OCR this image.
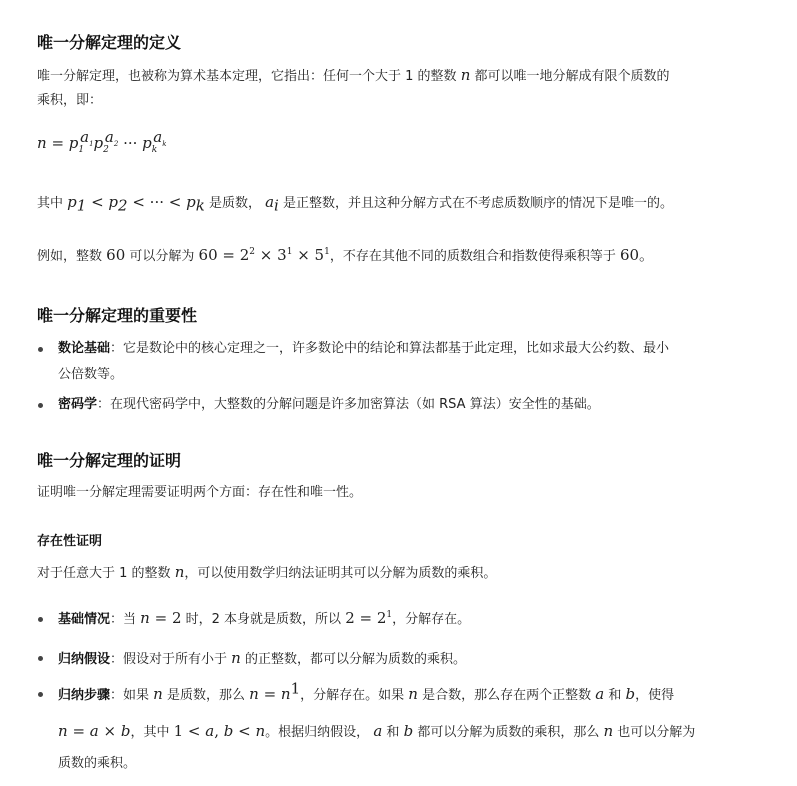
唯一分解定理的定义
唯一分解定理，也被称为算术基本定理，它指出：任何一个大于 1 的整数 n 都可以唯一地分解成有限个质数的
乘积，即：
$n = p_1^{a_1}p_2^{a_2}$ ··· $p_k^{a_k}$
其中 $p_1 < p_2$ < ··· < $p_k$ 是质数， $a_i$ 是正整数，并且这种分解方式在不考虑质数顺序的情况下是唯一的。
例如，整数 60 可以分解为 $60 = 2^2 \times 3^1 \times 5^1$，不存在其他不同的质数组合和指数使得乘积等于 60。
唯一分解定理的重要性
数论基础：它是数论中的核心定理之一，许多数论中的结论和算法都基于此定理，比如求最大公约数、最小
公倍数等。
密码学：在现代密码学中，大整数的分解问题是许多加密算法（如 RSA 算法）安全性的基础。
唯一分解定理的证明
证明唯一分解定理需要证明两个方面：存在性和唯一性。
存在性证明
对于任意大于 1 的整数 n，可以使用数学归纳法证明其可以分解为质数的乘积。
基础情况：当 n = 2 时，2 本身就是质数，所以 $2 = 2^1$，分解存在。
归纳假设：假设对于所有小于 n 的正整数，都可以分解为质数的乘积。
归纳步骤：如果 n 是质数，那么 $n = n^1$，分解存在。如果 n 是合数，那么存在两个正整数 a 和 b，使得
n = a × b，其中 1 < a, b < n。根据归纳假设， a 和 b 都可以分解为质数的乘积，那么 n 也可以分解为
质数的乘积。
